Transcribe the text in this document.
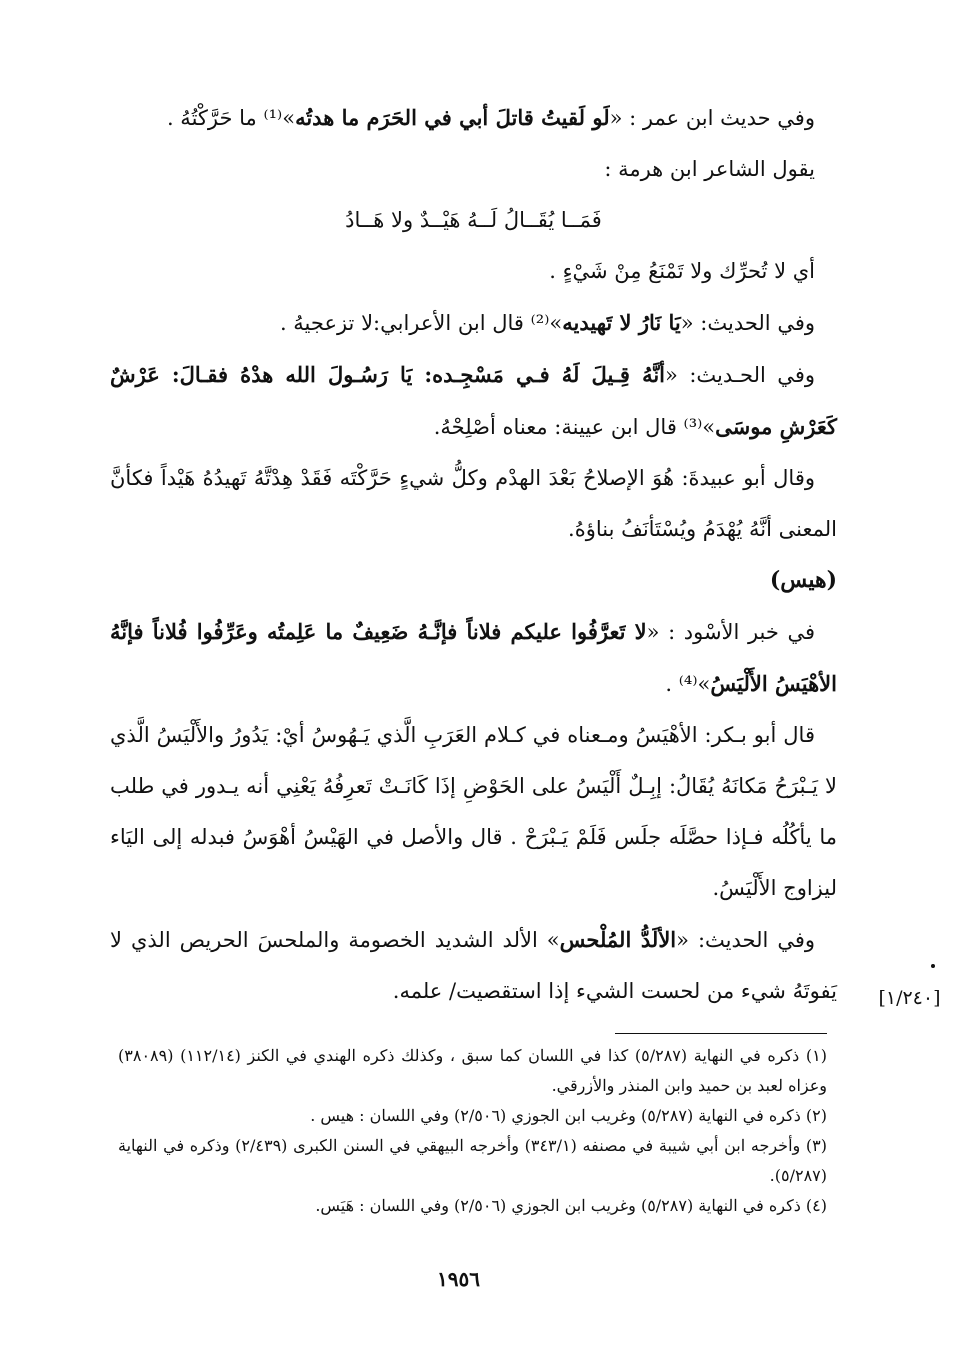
وفي حديث ابن عمر : «لَو لَقيتُ قاتلَ أبي في الحَرَم ما هدتُه»⁽¹⁾ ما حَرَّكْتُهُ .

يقول الشاعر ابن هرمة :

فَمَــا يُقَــالُ لَــهُ هَيْــدٌ ولا هَــادُ

أي لا تُحرِّك ولا تَمْنَعُ مِنْ شَيْءٍ .

وفي الحديث: «يَا نَارُ لا تَهيديه»⁽²⁾ قال ابن الأعرابي:لا تزعجيهُ .

وفي الحـديث: «أنَّهُ قِـيلَ لَهُ فـي مَسْجِـده: يَا رَسُـولَ الله هدْهُ فقـالَ: عَرْشٌ كَعَرْشِ موسَى»⁽³⁾ قال ابن عيينة: معناه أصْلِحْهُ.

وقال أبو عبيدةَ: هُوَ الإصلاحُ بَعْدَ الهدْم وكلُّ شيءٍ حَرَّكْتَه فَقَدْ هِدْتَّهُ تَهيدُهُ هَيْداً فكأنَّ المعنى أنَّهُ يُهْدَمُ ويُسْتَأنَفُ بناؤهُ.

(هيس)

في خبر الأسْود : «لا تَعرَّفُوا عليكم فلاناً فإنَّـهُ ضَعِيفٌ ما عَلِمتُه وعَرِّفُوا فُلاناً فإنَّهُ الأهْيَسُ الأَلْيَسُ»⁽⁴⁾ .

قال أبو بـكر: الأهْيَسُ ومـعناه في كـلام العَرَبِ الَّذي يَـهُوسُ أيْ: يَدُورُ والأَلْيَسُ الَّذي لا يَـبْرَحُ مَكانَهُ يُقَالُ: إبِـلٌ أَلْيَسُ على الحَوْضِ إذَا كَانَـتْ تَعرِفُهُ يَعْنِي أنه يـدور في طلب ما يأكُلُه فـإذا حصَّلَه جلَس فَلَمْ يَـبْرَحْ . قال والأصل في الهَيْسُ أهْوَسُ فبدله إلى اليَاء ليزاوج الأَلْيَسُ.

وفي الحديث: «الألَدُّ المُلْحس» الألد الشديد الخصومة والملحسَ الحريص الذي لا يَفوتَهُ شيء من لحست الشيء إذا استقصيت/ علمه.	[١/٢٤٠]

(١) ذكره في النهاية (٥/٢٨٧) كذا في اللسان كما سبق ، وكذلك ذكره الهندي في الكنز (١١٢/١٤) (٣٨٠٨٩) وعزاه لعبد بن حميد وابن المنذر والأزرقي.

(٢) ذكره في النهاية (٥/٢٨٧) وغريب ابن الجوزي (٢/٥٠٦) وفي اللسان : هيس .

(٣) وأخرجه ابن أبي شيبة في مصنفه (٣٤٣/١) وأخرجه البيهقي في السنن الكبرى (٢/٤٣٩) وذكره في النهاية (٥/٢٨٧).

(٤) ذكره في النهاية (٥/٢٨٧) وغريب ابن الجوزي (٢/٥٠٦) وفي اللسان : هَيَس.

١٩٥٦
